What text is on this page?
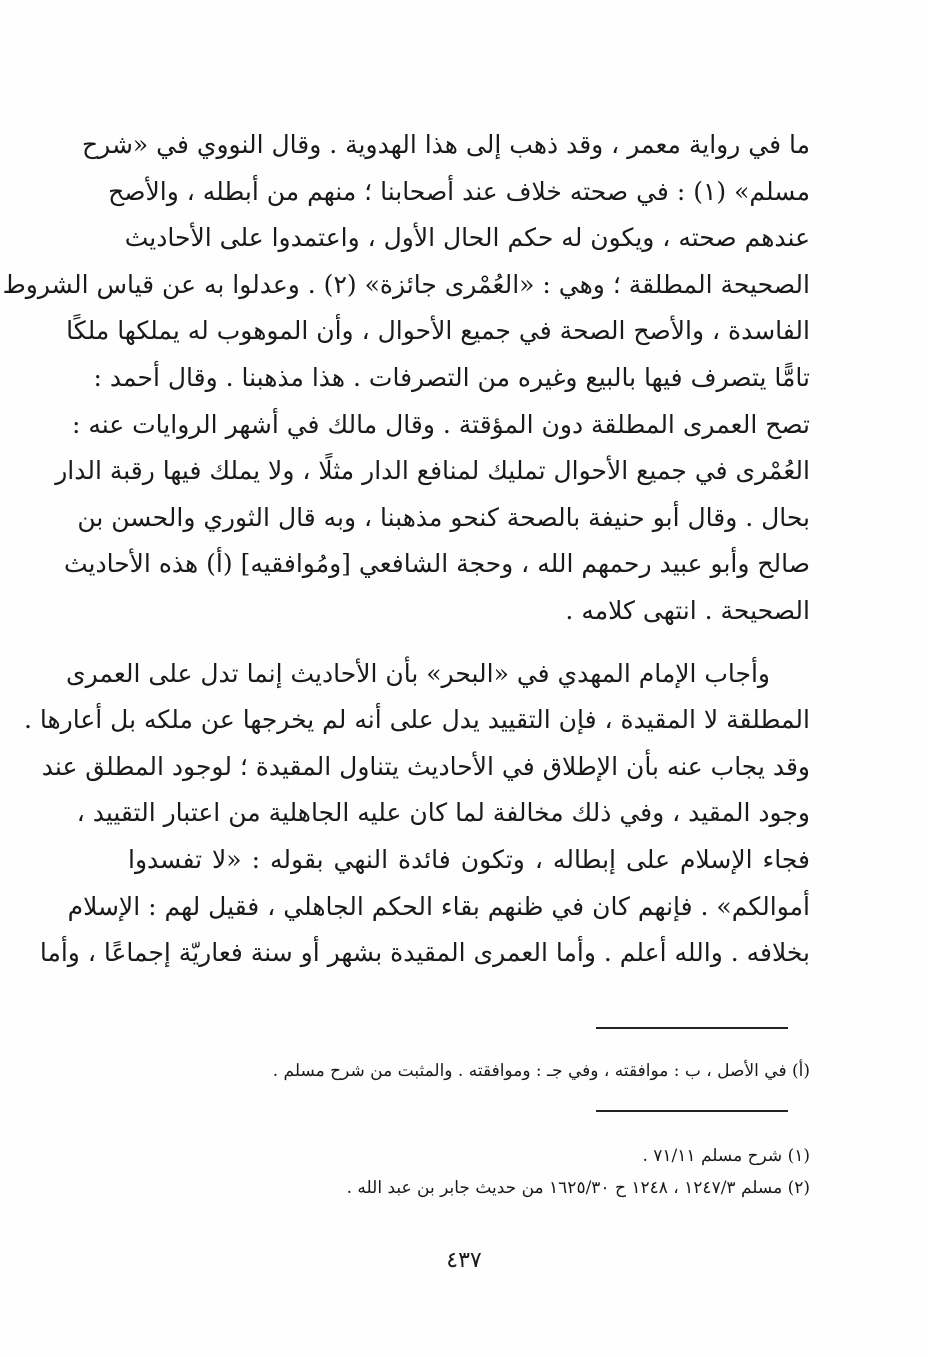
ما في رواية معمر ، وقد ذهب إلى هذا الهدوية . وقال النووي في «شرح
مسلم» (١) : في صحته خلاف عند أصحابنا ؛ منهم من أبطله ، والأصح
عندهم صحته ، ويكون له حكم الحال الأول ، واعتمدوا على الأحاديث
الصحيحة المطلقة ؛ وهي : «العُمْرى جائزة» (٢) . وعدلوا به عن قياس الشروط
الفاسدة ، والأصح الصحة في جميع الأحوال ، وأن الموهوب له يملكها ملكًا
تامًّا يتصرف فيها بالبيع وغيره من التصرفات . هذا مذهبنا . وقال أحمد :
تصح العمرى المطلقة دون المؤقتة . وقال مالك في أشهر الروايات عنه :
العُمْرى في جميع الأحوال تمليك لمنافع الدار مثلًا ، ولا يملك فيها رقبة الدار
بحال . وقال أبو حنيفة بالصحة كنحو مذهبنا ، وبه قال الثوري والحسن بن
صالح وأبو عبيد رحمهم الله ، وحجة الشافعي [ومُوافقيه] (أ) هذه الأحاديث
الصحيحة . انتهى كلامه .
وأجاب الإمام المهدي في «البحر» بأن الأحاديث إنما تدل على العمرى
المطلقة لا المقيدة ، فإن التقييد يدل على أنه لم يخرجها عن ملكه بل أعارها .
وقد يجاب عنه بأن الإطلاق في الأحاديث يتناول المقيدة ؛ لوجود المطلق عند
وجود المقيد ، وفي ذلك مخالفة لما كان عليه الجاهلية من اعتبار التقييد ،
فجاء الإسلام على إبطاله ، وتكون فائدة النهي بقوله : «لا تفسدوا
أموالكم» . فإنهم كان في ظنهم بقاء الحكم الجاهلي ، فقيل لهم : الإسلام
بخلافه . والله أعلم . وأما العمرى المقيدة بشهر أو سنة فعاريّة إجماعًا ، وأما
(أ) في الأصل ، ب : موافقته ، وفي جـ : وموافقته . والمثبت من شرح مسلم .
(١) شرح مسلم ٧١/١١ .
(٢) مسلم ١٢٤٧/٣ ، ١٢٤٨ ح ١٦٢٥/٣٠ من حديث جابر بن عبد الله .
٤٣٧
